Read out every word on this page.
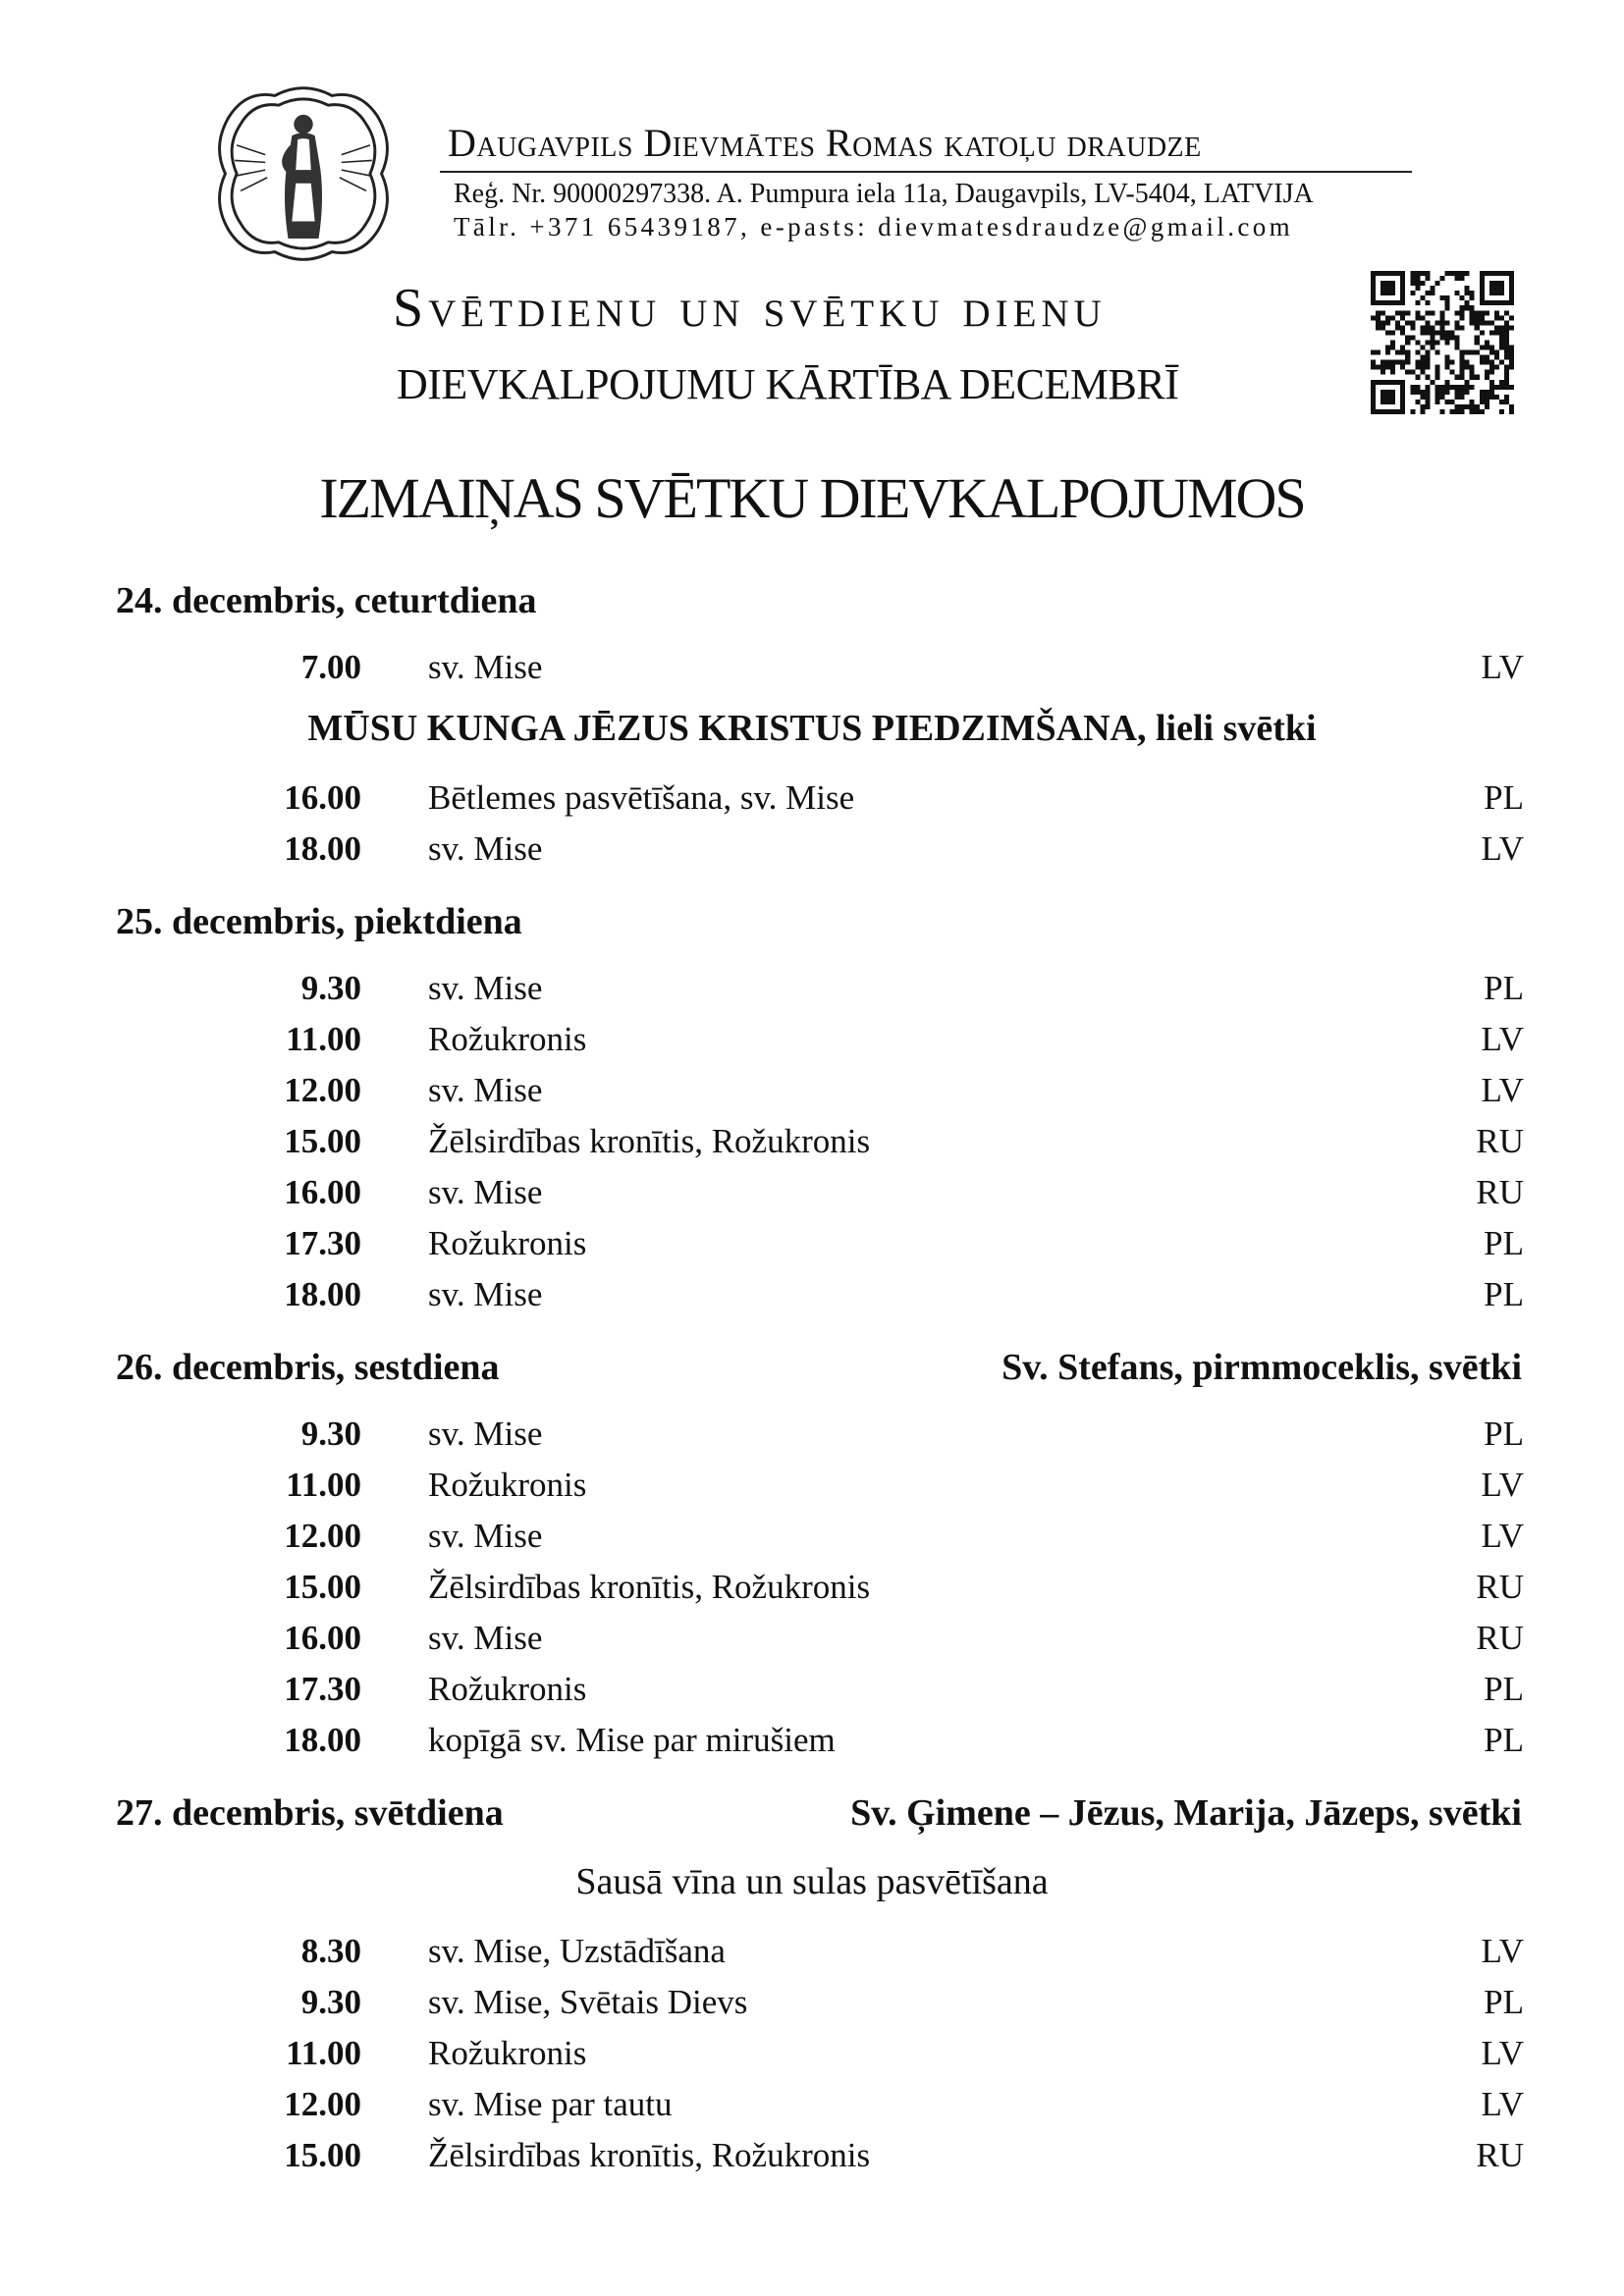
Daugavpils Dievmātes Romas katoļu draudze
Reģ. Nr. 90000297338. A. Pumpura iela 11a, Daugavpils, LV-5404, LATVIJA
Tālr. +371 65439187, e-pasts: dievmatesdraudze@gmail.com
Svētdienu un svētku dienu
DIEVKALPOJUMU KĀRTĪBA DECEMBRĪ
IZMAIŅAS SVĒTKU DIEVKALPOJUMOS
24. decembris, ceturtdiena
7.00 sv. Mise	LV
MŪSU KUNGA JĒZUS KRISTUS PIEDZIMŠANA, lieli svētki
16.00 Bētlemes pasvētīšana, sv. Mise	PL
18.00 sv. Mise	LV
25. decembris, piektdiena
9.30 sv. Mise	PL
11.00 Rožukronis	LV
12.00 sv. Mise	LV
15.00 Žēlsirdības kronītis, Rožukronis	RU
16.00 sv. Mise	RU
17.30 Rožukronis	PL
18.00 sv. Mise	PL
26. decembris, sestdiena	Sv. Stefans, pirmmoceklis, svētki
9.30 sv. Mise	PL
11.00 Rožukronis	LV
12.00 sv. Mise	LV
15.00 Žēlsirdības kronītis, Rožukronis	RU
16.00 sv. Mise	RU
17.30 Rožukronis	PL
18.00 kopīgā sv. Mise par mirušiem	PL
27. decembris, svētdiena	Sv. Ģimene – Jēzus, Marija, Jāzeps, svētki
Sausā vīna un sulas pasvētīšana
8.30 sv. Mise, Uzstādīšana	LV
9.30 sv. Mise, Svētais Dievs	PL
11.00 Rožukronis	LV
12.00 sv. Mise par tautu	LV
15.00 Žēlsirdības kronītis, Rožukronis	RU
